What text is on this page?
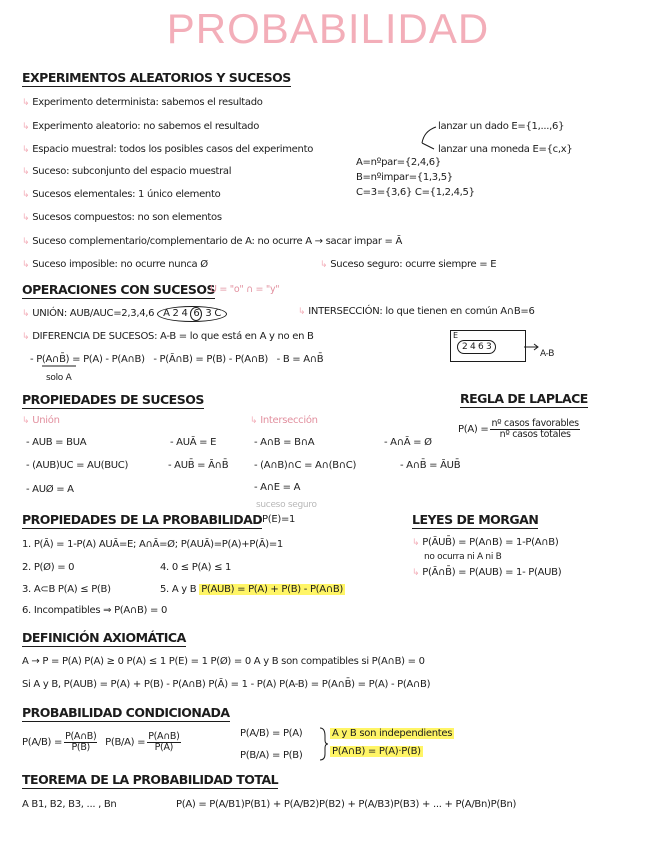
PROBABILIDAD
EXPERIMENTOS ALEATORIOS Y SUCESOS
↳ Experimento determinista: sabemos el resultado
↳ Experimento aleatorio: no sabemos el resultado
↳ Espacio muestral: todos los posibles casos del experimento
↳ Suceso: subconjunto del espacio muestral
↳ Sucesos elementales: 1 único elemento
↳ Sucesos compuestos: no son elementos
↳ Suceso complementario/complementario de A: no ocurre A → sacar impar = Ā
↳ Suceso imposible: no ocurre nunca Ø	↳ Suceso seguro: ocurre siempre = E
lanzar un dado E={1,...,6}
lanzar una moneda E={c,x}
A=nºpar={2,4,6}
B=nºimpar={1,3,5}
C=3={3,6} C={1,2,4,5}
OPERACIONES CON SUCESOS
U = "o" ∩ = "y"
↳ UNIÓN: AUB/AUC=2,3,4,6 A 2 4 6 3 C	↳ INTERSECCIÓN: lo que tienen en común A∩B=6
↳ DIFERENCIA DE SUCESOS: A-B = lo que está en A y no en B
- P(A∩B̄) = P(A) - P(A∩B) - P(Ā∩B) = P(B) - P(A∩B) - B = A∩B̄
solo A
E
2 4 6 3
A-B
PROPIEDADES DE SUCESOS
↳ Unión
- AUB = BUA	- AUĀ = E
- (AUB)UC = AU(BUC)	- AUB̄ = Ā∩B̄
- AUØ = A
↳ Intersección
- A∩B = B∩A	- A∩Ā = Ø
- (A∩B)∩C = A∩(B∩C)	- A∩B̄ = ĀUB̄
- A∩E = A
suceso seguro
REGLA DE LAPLACE
$P(A) = \frac{\text{nº casos favorables}}{\text{nº casos totales}}$
PROPIEDADES DE LA PROBABILIDAD P(E)=1
1. P(Ā) = 1-P(A) AUĀ=E; A∩Ā=Ø; P(AUĀ)=P(A)+P(Ā)=1
2. P(Ø) = 0	4. 0 ≤ P(A) ≤ 1
3. A⊂B P(A) ≤ P(B)	5. A y B P(AUB) = P(A) + P(B) - P(A∩B)
6. Incompatibles ⇒ P(A∩B) = 0
LEYES DE MORGAN
↳ P(ĀUB̄) = P(A∩B) = 1-P(A∩B)
no ocurra ni A ni B
↳ P(Ā∩B̄) = P(AUB) = 1- P(AUB)
DEFINICIÓN AXIOMÁTICA
A → P = P(A) P(A) ≥ 0 P(A) ≤ 1 P(E) = 1 P(Ø) = 0 A y B son compatibles si P(A∩B) = 0
Si A y B, P(AUB) = P(A) + P(B) - P(A∩B) P(Ā) = 1 - P(A) P(A-B) = P(A∩B̄) = P(A) - P(A∩B)
PROBABILIDAD CONDICIONADA
$P(A/B) = \frac{P(A\cap B)}{P(B)} P(B/A) = \frac{P(A\cap B)}{P(A)}$	P(A/B) = P(A)
P(B/A) = P(B)
A y B son independientes
P(A∩B) = P(A)·P(B)
TEOREMA DE LA PROBABILIDAD TOTAL
A B1, B2, B3, ... , Bn	P(A) = P(A/B1)P(B1) + P(A/B2)P(B2) + P(A/B3)P(B3) + ... + P(A/Bn)P(Bn)
